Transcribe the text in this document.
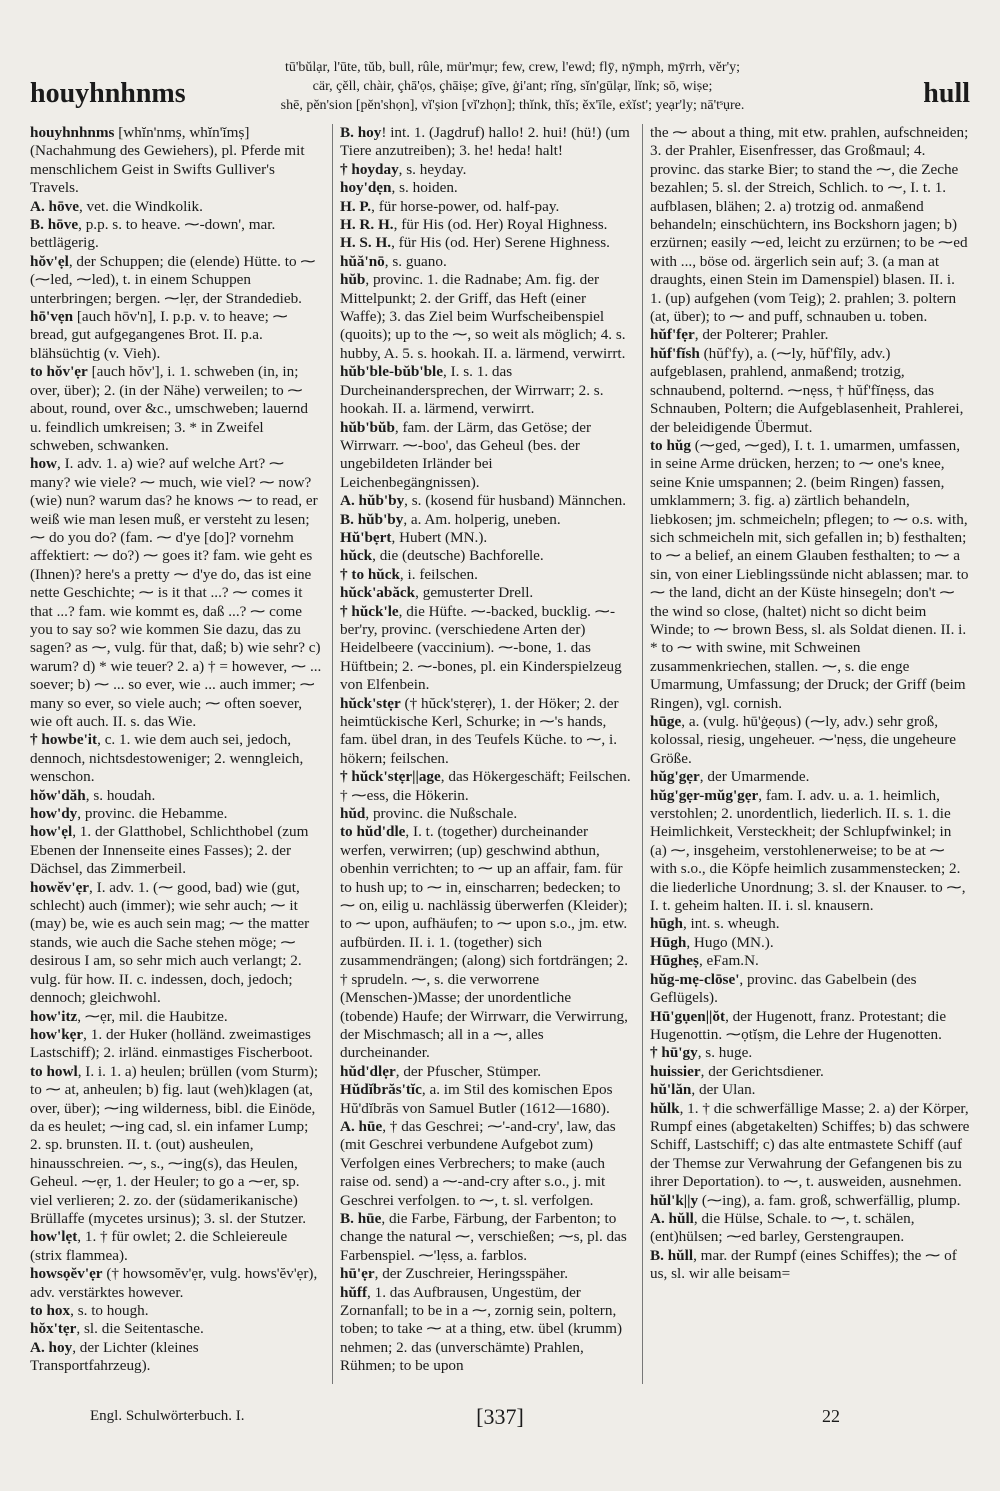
houyhnhnms
tū'bŭlạr, l'ūte, tŭb, bull, rûle, mür'mụr; few, crew, l'ewd; flȳ, nȳmph, mȳrrh, vĕr'y;
cär, çĕll, chàir, çhā'ọs, çhāiṣe; gīve, ġi'ant; rĭng, sĭn'gūlạr, lĭnk; sō, wiṣe;
shē, pĕn'sion [pĕn'shọn], vĭ'ṣion [vĭ'zhọn]; thĭnk, thĭs; ĕx'īle, eẋĭst'; yeạr'ly; nā'tˢụre.	hull

houyhnhnms [whĭn'nmṣ, whĭn'ĭmṣ] (Nachahmung des Gewiehers), pl. Pferde mit menschlichem Geist in Swifts Gulliver's Travels.

A. hōve, vet. die Windkolik.

B. hōve, p.p. s. to heave. ⁓-down', mar. bettlägerig.

hŏv'ẹl, der Schuppen; die (elende) Hütte. to ⁓ (⁓led, ⁓led), t. in einem Schuppen unterbringen; bergen. ⁓lẹr, der Strandedieb.

hō'vẹn [auch hōv'n], I. p.p. v. to heave; ⁓ bread, gut aufgegangenes Brot. II. p.a. blähsüchtig (v. Vieh).

to hŏv'ẹr [auch hŏv'], i. 1. schweben (in, in; over, über); 2. (in der Nähe) verweilen; to ⁓ about, round, over &c., umschweben; lauernd u. feindlich umkreisen; 3. * in Zweifel schweben, schwanken.

how, I. adv. 1. a) wie? auf welche Art? ⁓ many? wie viele? ⁓ much, wie viel? ⁓ now? (wie) nun? warum das? he knows ⁓ to read, er weiß wie man lesen muß, er versteht zu lesen; ⁓ do you do? (fam. ⁓ d'ye [do]? vornehm affektiert: ⁓ do?) ⁓ goes it? fam. wie geht es (Ihnen)? here's a pretty ⁓ d'ye do, das ist eine nette Geschichte; ⁓ is it that ...? ⁓ comes it that ...? fam. wie kommt es, daß ...? ⁓ come you to say so? wie kommen Sie dazu, das zu sagen? as ⁓, vulg. für that, daß; b) wie sehr? c) warum? d) * wie teuer? 2. a) † = however, ⁓ ... soever; b) ⁓ ... so ever, wie ... auch immer; ⁓ many so ever, so viele auch; ⁓ often soever, wie oft auch. II. s. das Wie.

† howbe'it, c. 1. wie dem auch sei, jedoch, dennoch, nichtsdestoweniger; 2. wenngleich, wenschon.

hŏw'dăh, s. houdah.

how'dy, provinc. die Hebamme.

how'ẹl, 1. der Glatthobel, Schlichthobel (zum Ebenen der Innenseite eines Fasses); 2. der Dächsel, das Zimmerbeil.

howĕv'ẹr, I. adv. 1. (⁓ good, bad) wie (gut, schlecht) auch (immer); wie sehr auch; ⁓ it (may) be, wie es auch sein mag; ⁓ the matter stands, wie auch die Sache stehen möge; ⁓ desirous I am, so sehr mich auch verlangt; 2. vulg. für how. II. c. indessen, doch, jedoch; dennoch; gleichwohl.

how'itz, ⁓ẹr, mil. die Haubitze.

how'kẹr, 1. der Huker (holländ. zweimastiges Lastschiff); 2. irländ. einmastiges Fischerboot.

to howl, I. i. 1. a) heulen; brüllen (vom Sturm); to ⁓ at, anheulen; b) fig. laut (weh)klagen (at, over, über); ⁓ing wilderness, bibl. die Einöde, da es heulet; ⁓ing cad, sl. ein infamer Lump; 2. sp. brunsten. II. t. (out) ausheulen, hinausschreien. ⁓, s., ⁓ing(s), das Heulen, Geheul. ⁓ẹr, 1. der Heuler; to go a ⁓er, sp. viel verlieren; 2. zo. der (südamerikanische) Brüllaffe (mycetes ursinus); 3. sl. der Stutzer.

how'lẹt, 1. † für owlet; 2. die Schleiereule (strix flammea).

howsọĕv'ẹr († howsomĕv'ẹr, vulg. hows'ĕv'ẹr), adv. verstärktes however.

to hox, s. to hough.

hŏx'tẹr, sl. die Seitentasche.

A. hoy, der Lichter (kleines Transportfahrzeug).

B. hoy! int. 1. (Jagdruf) hallo! 2. hui! (hü!) (um Tiere anzutreiben); 3. he! heda! halt!

† hoyday, s. heyday.

hoy'dẹn, s. hoiden.

H. P., für horse-power, od. half-pay.

H. R. H., für His (od. Her) Royal Highness.

H. S. H., für His (od. Her) Serene Highness.

hŭă'nō, s. guano.

hŭb, provinc. 1. die Radnabe; Am. fig. der Mittelpunkt; 2. der Griff, das Heft (einer Waffe); 3. das Ziel beim Wurfscheibenspiel (quoits); up to the ⁓, so weit als möglich; 4. s. hubby, A. 5. s. hookah. II. a. lärmend, verwirrt.

hŭb'ble-bŭb'ble, I. s. 1. das Durcheinandersprechen, der Wirrwarr; 2. s. hookah. II. a. lärmend, verwirrt.

hŭb'bŭb, fam. der Lärm, das Getöse; der Wirrwarr. ⁓-boo', das Geheul (bes. der ungebildeten Irländer bei Leichenbegängnissen).

A. hŭb'by, s. (kosend für husband) Männchen.

B. hŭb'by, a. Am. holperig, uneben.

Hŭ'bẹrt, Hubert (MN.).

hŭck, die (deutsche) Bachforelle.

† to hŭck, i. feilschen.

hŭck'abăck, gemusterter Drell.

† hŭck'le, die Hüfte. ⁓-backed, bucklig. ⁓-ber'ry, provinc. (verschiedene Arten der) Heidelbeere (vaccinium). ⁓-bone, 1. das Hüftbein; 2. ⁓-bones, pl. ein Kinderspielzeug von Elfenbein.

hŭck'stẹr († hŭck'stẹrẹr), 1. der Höker; 2. der heimtückische Kerl, Schurke; in ⁓'s hands, fam. übel dran, in des Teufels Küche. to ⁓, i. hökern; feilschen.

† hŭck'stẹr||age, das Hökergeschäft; Feilschen. † ⁓ess, die Hökerin.

hŭd, provinc. die Nußschale.

to hŭd'dle, I. t. (together) durcheinander werfen, verwirren; (up) geschwind abthun, obenhin verrichten; to ⁓ up an affair, fam. für to hush up; to ⁓ in, einscharren; bedecken; to ⁓ on, eilig u. nachlässig überwerfen (Kleider); to ⁓ upon, aufhäufen; to ⁓ upon s.o., jm. etw. aufbürden. II. i. 1. (together) sich zusammendrängen; (along) sich fortdrängen; 2. † sprudeln. ⁓, s. die verworrene (Menschen-)Masse; der unordentliche (tobende) Haufe; der Wirrwarr, die Verwirrung, der Mischmasch; all in a ⁓, alles durcheinander.

hŭd'dlẹr, der Pfuscher, Stümper.

Hŭdĭbrăs'tĭc, a. im Stil des komischen Epos Hŭ'dĭbrăs von Samuel Butler (1612—1680).

A. hūe, † das Geschrei; ⁓'-and-cry', law, das (mit Geschrei verbundene Aufgebot zum) Verfolgen eines Verbrechers; to make (auch raise od. send) a ⁓-and-cry after s.o., j. mit Geschrei verfolgen. to ⁓, t. sl. verfolgen.

B. hūe, die Farbe, Färbung, der Farbenton; to change the natural ⁓, verschießen; ⁓s, pl. das Farbenspiel. ⁓'lẹss, a. farblos.

hū'ẹr, der Zuschreier, Heringsspäher.

hŭff, 1. das Aufbrausen, Ungestüm, der Zornanfall; to be in a ⁓, zornig sein, poltern, toben; to take ⁓ at a thing, etw. übel (krumm) nehmen; 2. das (unverschämte) Prahlen, Rühmen; to be upon

the ⁓ about a thing, mit etw. prahlen, aufschneiden; 3. der Prahler, Eisenfresser, das Großmaul; 4. provinc. das starke Bier; to stand the ⁓, die Zeche bezahlen; 5. sl. der Streich, Schlich. to ⁓, I. t. 1. aufblasen, blähen; 2. a) trotzig od. anmaßend behandeln; einschüchtern, ins Bockshorn jagen; b) erzürnen; easily ⁓ed, leicht zu erzürnen; to be ⁓ed with ..., böse od. ärgerlich sein auf; 3. (a man at draughts, einen Stein im Damenspiel) blasen. II. i. 1. (up) aufgehen (vom Teig); 2. prahlen; 3. poltern (at, über); to ⁓ and puff, schnauben u. toben.

hŭf'fẹr, der Polterer; Prahler.

hŭf'fĭsh (hŭf'fy), a. (⁓ly, hŭf'fĭly, adv.) aufgeblasen, prahlend, anmaßend; trotzig, schnaubend, polternd. ⁓nẹss, † hŭf'fĭnẹss, das Schnauben, Poltern; die Aufgeblasenheit, Prahlerei, der beleidigende Übermut.

to hŭg (⁓ged, ⁓ged), I. t. 1. umarmen, umfassen, in seine Arme drücken, herzen; to ⁓ one's knee, seine Knie umspannen; 2. (beim Ringen) fassen, umklammern; 3. fig. a) zärtlich behandeln, liebkosen; jm. schmeicheln; pflegen; to ⁓ o.s. with, sich schmeicheln mit, sich gefallen in; b) festhalten; to ⁓ a belief, an einem Glauben festhalten; to ⁓ a sin, von einer Lieblingssünde nicht ablassen; mar. to ⁓ the land, dicht an der Küste hinsegeln; don't ⁓ the wind so close, (haltet) nicht so dicht beim Winde; to ⁓ brown Bess, sl. als Soldat dienen. II. i. * to ⁓ with swine, mit Schweinen zusammenkriechen, stallen. ⁓, s. die enge Umarmung, Umfassung; der Druck; der Griff (beim Ringen), vgl. cornish.

hūge, a. (vulg. hū'ġeọus) (⁓ly, adv.) sehr groß, kolossal, riesig, ungeheuer. ⁓'nẹss, die ungeheure Größe.

hŭg'gẹr, der Umarmende.

hŭg'gẹr-mŭg'gẹr, fam. I. adv. u. a. 1. heimlich, verstohlen; 2. unordentlich, liederlich. II. s. 1. die Heimlichkeit, Versteckheit; der Schlupfwinkel; in (a) ⁓, insgeheim, verstohlenerweise; to be at ⁓ with s.o., die Köpfe heimlich zusammenstecken; 2. die liederliche Unordnung; 3. sl. der Knauser. to ⁓, I. t. geheim halten. II. i. sl. knausern.

hūgh, int. s. wheugh.

Hūgh, Hugo (MN.).

Hūgheṣ, eFam.N.

hŭg-mẹ-clōse', provinc. das Gabelbein (des Geflügels).

Hū'gụen||ŏt, der Hugenott, franz. Protestant; die Hugenottin. ⁓ọtĭṣm, die Lehre der Hugenotten.

† hū'gy, s. huge.

huissier, der Gerichtsdiener.

hŭ'lăn, der Ulan.

hŭlk, 1. † die schwerfällige Masse; 2. a) der Körper, Rumpf eines (abgetakelten) Schiffes; b) das schwere Schiff, Lastschiff; c) das alte entmastete Schiff (auf der Themse zur Verwahrung der Gefangenen bis zu ihrer Deportation). to ⁓, t. ausweiden, ausnehmen.

hŭl'k||y (⁓ing), a. fam. groß, schwerfällig, plump.

A. hŭll, die Hülse, Schale. to ⁓, t. schälen, (ent)hülsen; ⁓ed barley, Gerstengraupen.

B. hŭll, mar. der Rumpf (eines Schiffes); the ⁓ of us, sl. wir alle beisam=

Engl. Schulwörterbuch. I.	[337]	22
